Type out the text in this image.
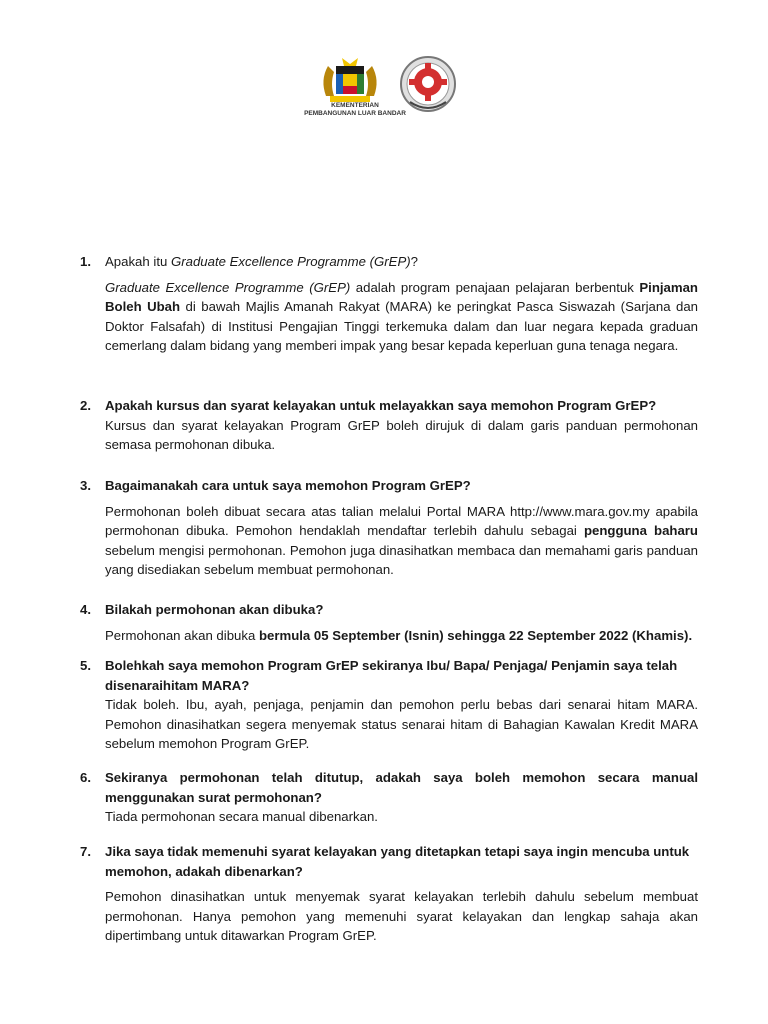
KEMENTERIAN
PEMBANGUNAN LUAR BANDAR
1. Apakah itu Graduate Excellence Programme (GrEP)?

Graduate Excellence Programme (GrEP) adalah program penajaan pelajaran berbentuk Pinjaman Boleh Ubah di bawah Majlis Amanah Rakyat (MARA) ke peringkat Pasca Siswazah (Sarjana dan Doktor Falsafah) di Institusi Pengajian Tinggi terkemuka dalam dan luar negara kepada graduan cemerlang dalam bidang yang memberi impak yang besar kepada keperluan guna tenaga negara.

2. Apakah kursus dan syarat kelayakan untuk melayakkan saya memohon Program GrEP?

Kursus dan syarat kelayakan Program GrEP boleh dirujuk di dalam garis panduan permohonan semasa permohonan dibuka.

3. Bagaimanakah cara untuk saya memohon Program GrEP?

Permohonan boleh dibuat secara atas talian melalui Portal MARA http://www.mara.gov.my apabila permohonan dibuka. Pemohon hendaklah mendaftar terlebih dahulu sebagai pengguna baharu sebelum mengisi permohonan. Pemohon juga dinasihatkan membaca dan memahami garis panduan yang disediakan sebelum membuat permohonan.

4. Bilakah permohonan akan dibuka?

Permohonan akan dibuka bermula 05 September (Isnin) sehingga 22 September 2022 (Khamis).

5. Bolehkah saya memohon Program GrEP sekiranya Ibu/ Bapa/ Penjaga/ Penjamin saya telah disenaraihitam MARA?

Tidak boleh. Ibu, ayah, penjaga, penjamin dan pemohon perlu bebas dari senarai hitam MARA. Pemohon dinasihatkan segera menyemak status senarai hitam di Bahagian Kawalan Kredit MARA sebelum memohon Program GrEP.

6. Sekiranya permohonan telah ditutup, adakah saya boleh memohon secara manual menggunakan surat permohonan?

Tiada permohonan secara manual dibenarkan.

7. Jika saya tidak memenuhi syarat kelayakan yang ditetapkan tetapi saya ingin mencuba untuk memohon, adakah dibenarkan?

Pemohon dinasihatkan untuk menyemak syarat kelayakan terlebih dahulu sebelum membuat permohonan. Hanya pemohon yang memenuhi syarat kelayakan dan lengkap sahaja akan dipertimbang untuk ditawarkan Program GrEP.
